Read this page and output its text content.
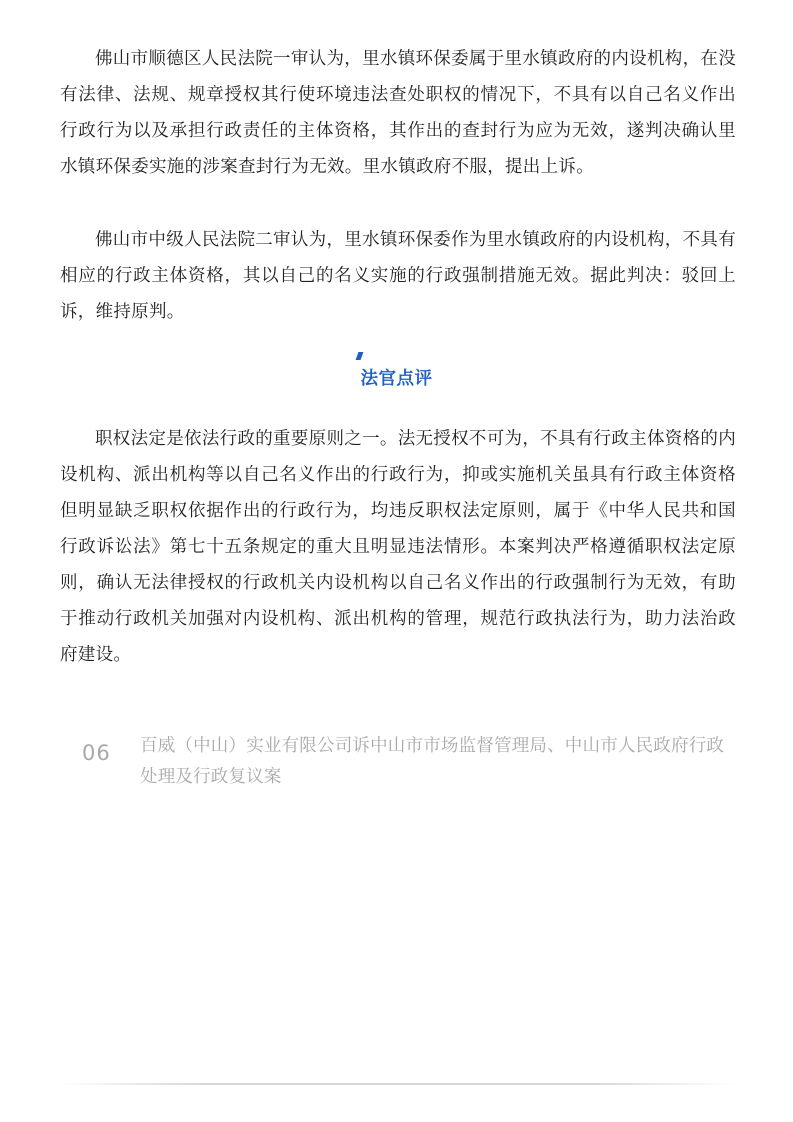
佛山市顺德区人民法院一审认为，里水镇环保委属于里水镇政府的内设机构，在没有法律、法规、规章授权其行使环境违法查处职权的情况下，不具有以自己名义作出行政行为以及承担行政责任的主体资格，其作出的查封行为应为无效，遂判决确认里水镇环保委实施的涉案查封行为无效。里水镇政府不服，提出上诉。

佛山市中级人民法院二审认为，里水镇环保委作为里水镇政府的内设机构，不具有相应的行政主体资格，其以自己的名义实施的行政强制措施无效。据此判决：驳回上诉，维持原判。

法官点评

职权法定是依法行政的重要原则之一。法无授权不可为，不具有行政主体资格的内设机构、派出机构等以自己名义作出的行政行为，抑或实施机关虽具有行政主体资格但明显缺乏职权依据作出的行政行为，均违反职权法定原则，属于《中华人民共和国行政诉讼法》第七十五条规定的重大且明显违法情形。本案判决严格遵循职权法定原则，确认无法律授权的行政机关内设机构以自己名义作出的行政强制行为无效，有助于推动行政机关加强对内设机构、派出机构的管理，规范行政执法行为，助力法治政府建设。

06 百威（中山）实业有限公司诉中山市市场监督管理局、中山市人民政府行政处理及行政复议案
